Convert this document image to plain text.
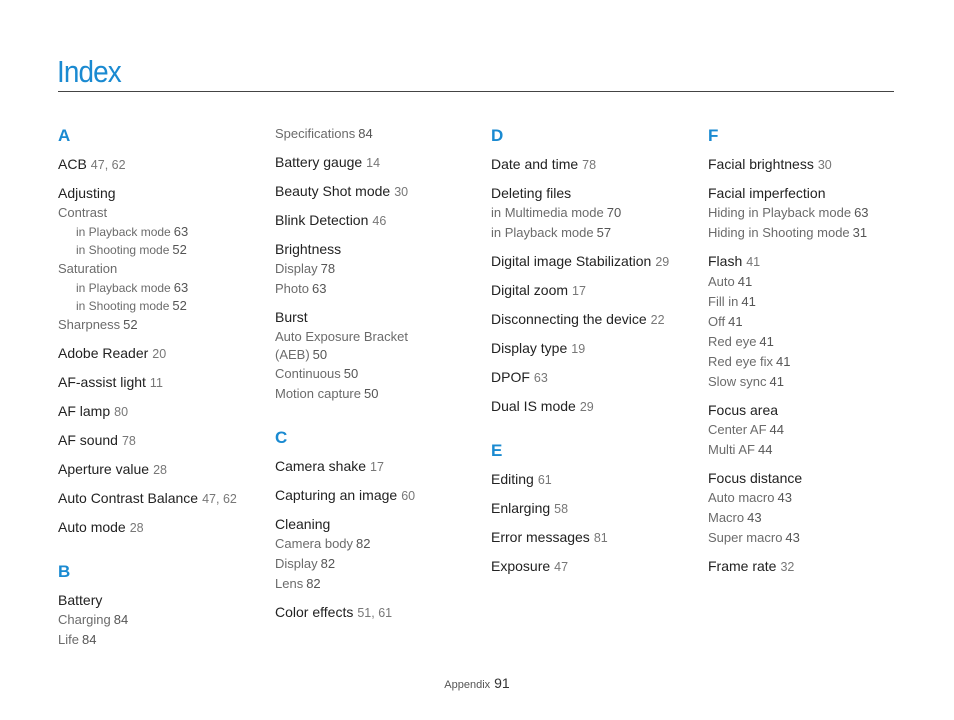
Index
A
ACB 47, 62
Adjusting
Contrast
in Playback mode 63
in Shooting mode 52
Saturation
in Playback mode 63
in Shooting mode 52
Sharpness 52
Adobe Reader 20
AF-assist light 11
AF lamp 80
AF sound 78
Aperture value 28
Auto Contrast Balance 47, 62
Auto mode 28
B
Battery
Charging 84
Life 84
Specifications 84
Battery gauge 14
Beauty Shot mode 30
Blink Detection 46
Brightness
Display 78
Photo 63
Burst
Auto Exposure Bracket (AEB) 50
Continuous 50
Motion capture 50
C
Camera shake 17
Capturing an image 60
Cleaning
Camera body 82
Display 82
Lens 82
Color effects 51, 61
D
Date and time 78
Deleting files
in Multimedia mode 70
in Playback mode 57
Digital image Stabilization 29
Digital zoom 17
Disconnecting the device 22
Display type 19
DPOF 63
Dual IS mode 29
E
Editing 61
Enlarging 58
Error messages 81
Exposure 47
F
Facial brightness 30
Facial imperfection
Hiding in Playback mode 63
Hiding in Shooting mode 31
Flash 41
Auto 41
Fill in 41
Off 41
Red eye 41
Red eye fix 41
Slow sync 41
Focus area
Center AF 44
Multi AF 44
Focus distance
Auto macro 43
Macro 43
Super macro 43
Frame rate 32
Appendix 91
